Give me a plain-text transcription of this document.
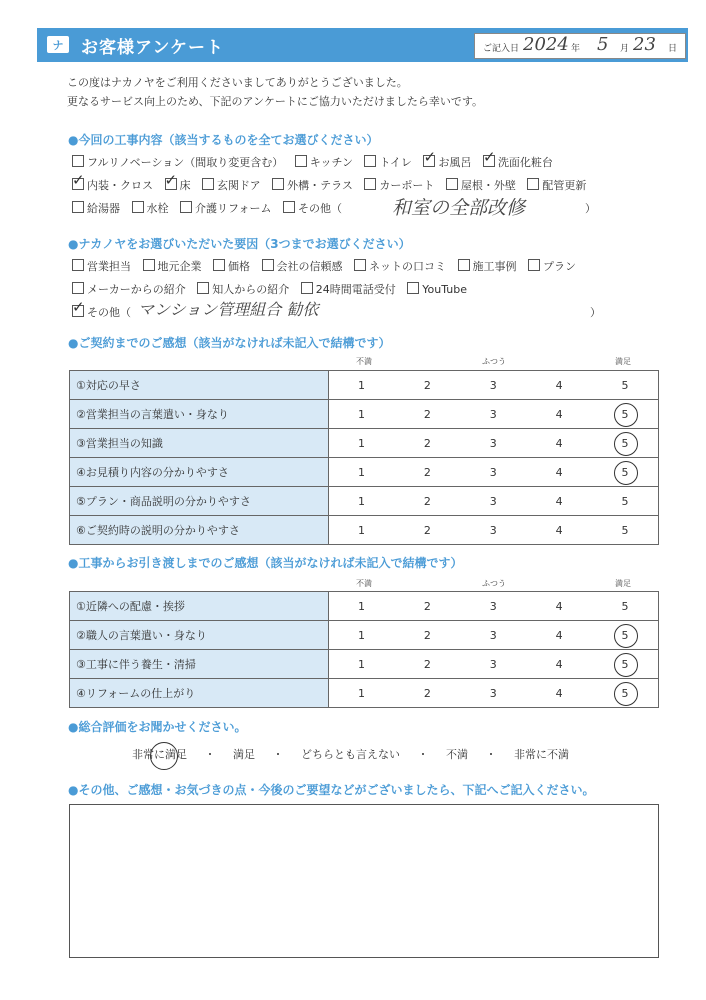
ナ	お客様アンケート	ご記入日 2024 年 5 月 23 日
この度はナカノヤをご利用くださいましてありがとうございました。
更なるサービス向上のため、下記のアンケートにご協力いただけましたら幸いです。
●今回の工事内容（該当するものを全てお選びください）
フルリノベーション（間取り変更含む） キッチン トイレ ✓ お風呂 ✓ 洗面化粧台
✓内装・クロス ✓ 床 玄関ドア 外構・テラス カーポート 屋根・外壁 配管更新
給湯器 水栓 介護リフォーム その他（	和室の全部改修	）
●ナカノヤをお選びいただいた要因（3つまでお選びください）
営業担当 地元企業 価格 会社の信頼感 ネットの口コミ 施工事例 プラン
メーカーからの紹介 知人からの紹介 24時間電話受付 YouTube
✓その他（ マンション管理組合 勧依	）
●ご契約までのご感想（該当がなければ未記入で結構です）
不満	ふつう	満足
①対応の早さ	1	2	3	4	5
②営業担当の言葉遣い・身なり	1	2	3	4	5

③営業担当の知識	1	2	3	4	5

④お見積り内容の分かりやすさ	1	2	3	4	5

⑤プラン・商品説明の分かりやすさ	1	2	3	4	5
⑥ご契約時の説明の分かりやすさ	1	2	3	4	5
●工事からお引き渡しまでのご感想（該当がなければ未記入で結構です）
不満	ふつう	満足
①近隣への配慮・挨拶	1	2	3	4	5
②職人の言葉遣い・身なり	1	2	3	4	5

③工事に伴う養生・清掃	1	2	3	4	5

④リフォームの仕上がり	1	2	3	4	5
●総合評価をお聞かせください。
非常に満足 ・ 満足 ・ どちらとも言えない ・ 不満 ・ 非常に不満
●その他、ご感想・お気づきの点・今後のご要望などがございましたら、下記へご記入ください。
